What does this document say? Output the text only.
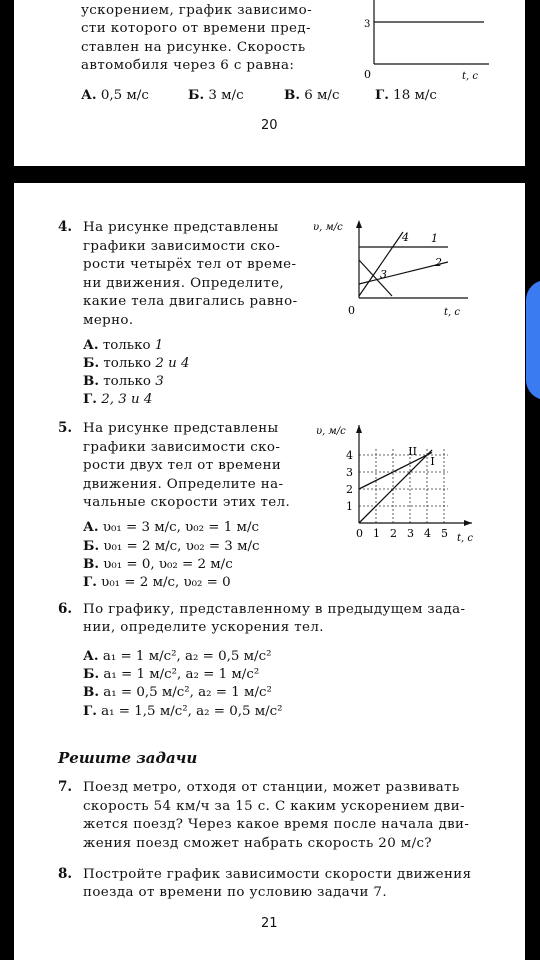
ускорением, график зависимо-
сти которого от времени пред-
ставлен на рисунке. Скорость
автомобиля через 6 с равна:
А. 0,5 м/с	Б. 3 м/с	В. 6 м/с	Г. 18 м/с
3
0	t, c
20
4. На рисунке представлены
графики зависимости ско-
рости четырёх тел от време-
ни движения. Определите,
какие тела двигались равно-
мерно.
А. только 1
Б. только 2 и 4
В. только 3
Г. 2, 3 и 4
υ, м/с
4 1
2
3
0	t, c
5. На рисунке представлены
графики зависимости ско-
рости двух тел от времени
движения. Определите на-
чальные скорости этих тел.
А. υ₀₁ = 3 м/с, υ₀₂ = 1 м/с
Б. υ₀₁ = 2 м/с, υ₀₂ = 3 м/с
В. υ₀₁ = 0, υ₀₂ = 2 м/с
Г. υ₀₁ = 2 м/с, υ₀₂ = 0
υ, м/с
1
2
3
4
0 1 2 3 4 5
II
I
t, c
6. По графику, представленному в предыдущем зада-
нии, определите ускорения тел.
А. a₁ = 1 м/с², a₂ = 0,5 м/с²
Б. a₁ = 1 м/с², a₂ = 1 м/с²
В. a₁ = 0,5 м/с², a₂ = 1 м/с²
Г. a₁ = 1,5 м/с², a₂ = 0,5 м/с²
Решите задачи
7. Поезд метро, отходя от станции, может развивать
скорость 54 км/ч за 15 с. С каким ускорением дви-
жется поезд? Через какое время после начала дви-
жения поезд сможет набрать скорость 20 м/с?
8. Постройте график зависимости скорости движения
поезда от времени по условию задачи 7.
21
